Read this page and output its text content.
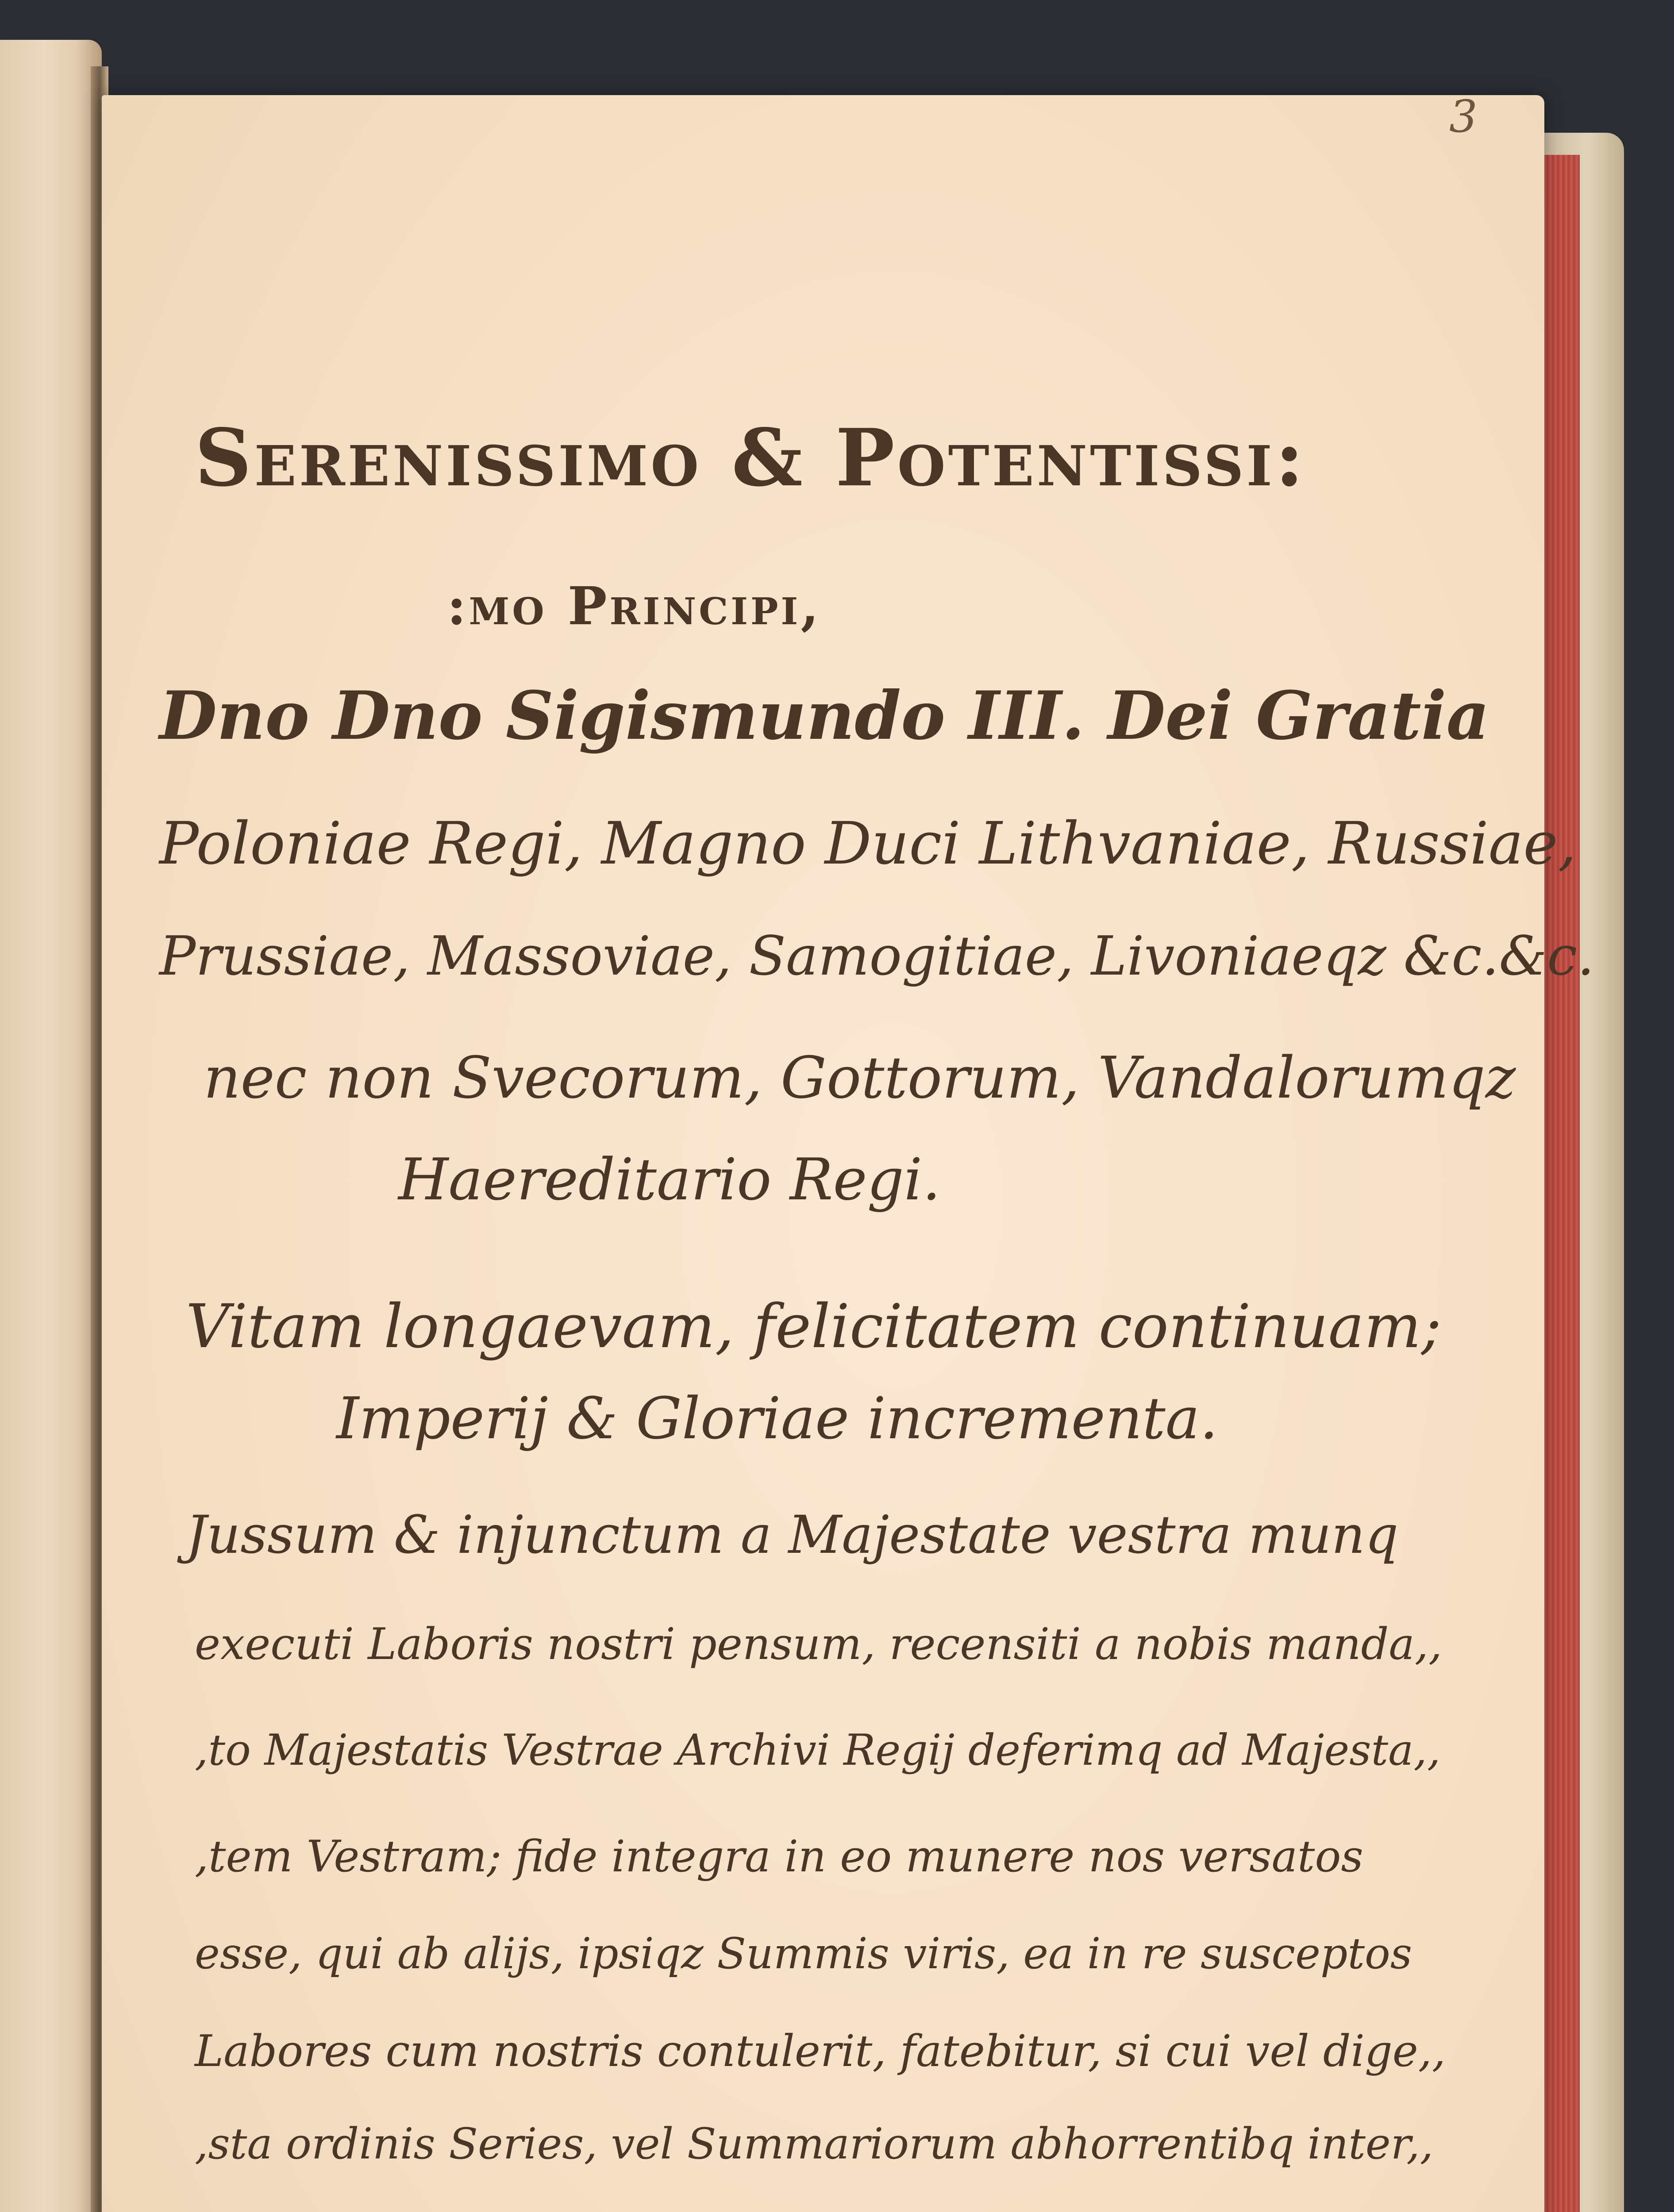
3
Serenissimo & Potentissi:
:mo Principi,
Dno Dno Sigismundo III. Dei Gratia
Poloniae Regi, Magno Duci Lithvaniae, Russiae,
Prussiae, Massoviae, Samogitiae, Livoniaeqz &c.&c.
nec non Svecorum, Gottorum, Vandalorumqz
Haereditario Regi.
Vitam longaevam, felicitatem continuam;
Imperij & Gloriae incrementa.
Jussum & injunctum a Majestate vestra munq
executi Laboris nostri pensum, recensiti a nobis manda,,
,to Majestatis Vestrae Archivi Regij deferimq ad Majesta,,
,tem Vestram; fide integra in eo munere nos versatos
esse, qui ab alijs, ipsiqz Summis viris, ea in re susceptos
Labores cum nostris contulerit, fatebitur, si cui vel dige,,
,sta ordinis Series, vel Summariorum abhorrentibq inter,,
